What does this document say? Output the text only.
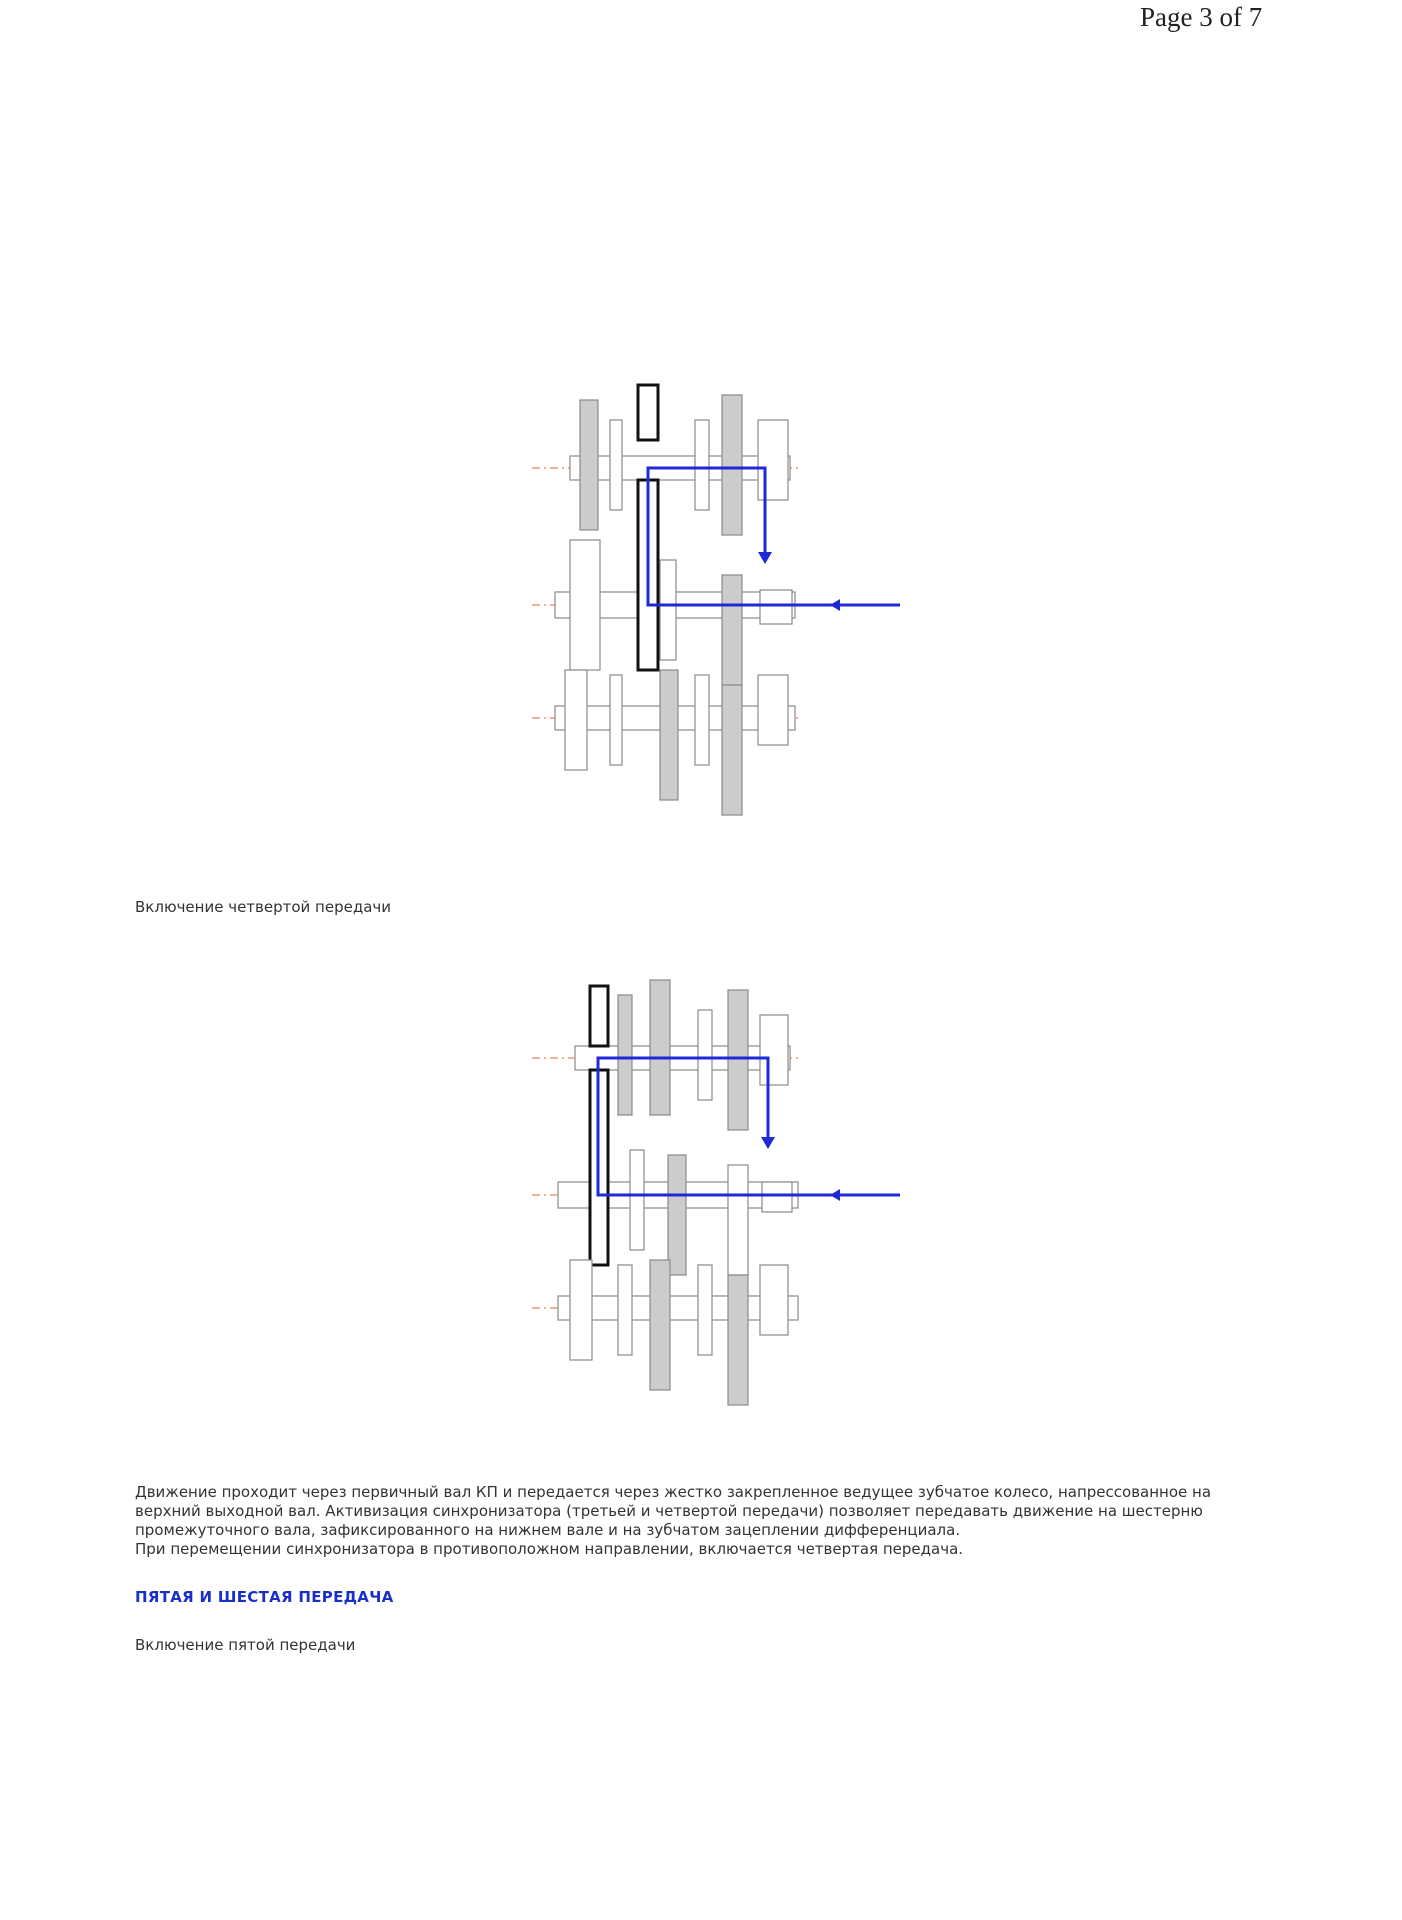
Page 3 of 7
Включение четвертой передачи

Движение проходит через первичный вал КП и передается через жестко закрепленное ведущее зубчатое колесо, напрессованное на верхний выходной вал. Активизация синхронизатора (третьей и четвертой передачи) позволяет передавать движение на шестерню промежуточного вала, зафиксированного на нижнем вале и на зубчатом зацеплении дифференциала.

При перемещении синхронизатора в противоположном направлении, включается четвертая передача.

ПЯТАЯ И ШЕСТАЯ ПЕРЕДАЧА
Включение пятой передачи
